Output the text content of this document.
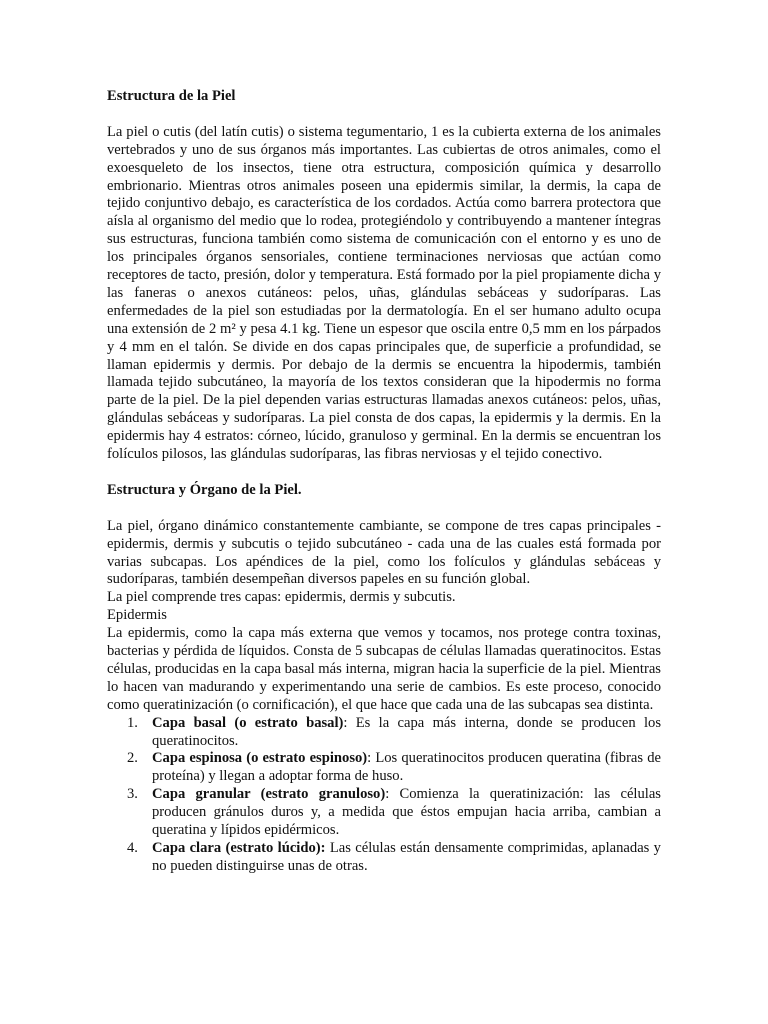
Estructura de la Piel

La piel o cutis (del latín cutis) o sistema tegumentario, 1 es la cubierta externa de los animales vertebrados y uno de sus órganos más importantes. Las cubiertas de otros animales, como el exoesqueleto de los insectos, tiene otra estructura, composición química y desarrollo embrionario. Mientras otros animales poseen una epidermis similar, la dermis, la capa de tejido conjuntivo debajo, es característica de los cordados. Actúa como barrera protectora que aísla al organismo del medio que lo rodea, protegiéndolo y contribuyendo a mantener íntegras sus estructuras, funciona también como sistema de comunicación con el entorno y es uno de los principales órganos sensoriales, contiene terminaciones nerviosas que actúan como receptores de tacto, presión, dolor y temperatura. Está formado por la piel propiamente dicha y las faneras o anexos cutáneos: pelos, uñas, glándulas sebáceas y sudoríparas. Las enfermedades de la piel son estudiadas por la dermatología. En el ser humano adulto ocupa una extensión de 2 m² y pesa 4.1 kg. Tiene un espesor que oscila entre 0,5 mm en los párpados y 4 mm en el talón. Se divide en dos capas principales que, de superficie a profundidad, se llaman epidermis y dermis. Por debajo de la dermis se encuentra la hipodermis, también llamada tejido subcutáneo, la mayoría de los textos consideran que la hipodermis no forma parte de la piel. De la piel dependen varias estructuras llamadas anexos cutáneos: pelos, uñas, glándulas sebáceas y sudoríparas. La piel consta de dos capas, la epidermis y la dermis. En la epidermis hay 4 estratos: córneo, lúcido, granuloso y germinal. En la dermis se encuentran los folículos pilosos, las glándulas sudoríparas, las fibras nerviosas y el tejido conectivo.

Estructura y Órgano de la Piel.

La piel, órgano dinámico constantemente cambiante, se compone de tres capas principales - epidermis, dermis y subcutis o tejido subcutáneo - cada una de las cuales está formada por varias subcapas. Los apéndices de la piel, como los folículos y glándulas sebáceas y sudoríparas, también desempeñan diversos papeles en su función global.

La piel comprende tres capas: epidermis, dermis y subcutis.

Epidermis

La epidermis, como la capa más externa que vemos y tocamos, nos protege contra toxinas, bacterias y pérdida de líquidos. Consta de 5 subcapas de células llamadas queratinocitos. Estas células, producidas en la capa basal más interna, migran hacia la superficie de la piel. Mientras lo hacen van madurando y experimentando una serie de cambios. Es este proceso, conocido como queratinización (o cornificación), el que hace que cada una de las subcapas sea distinta.

1. Capa basal (o estrato basal): Es la capa más interna, donde se producen los queratinocitos.
2. Capa espinosa (o estrato espinoso): Los queratinocitos producen queratina (fibras de proteína) y llegan a adoptar forma de huso.
3. Capa granular (estrato granuloso): Comienza la queratinización: las células producen gránulos duros y, a medida que éstos empujan hacia arriba, cambian a queratina y lípidos epidérmicos.
4. Capa clara (estrato lúcido): Las células están densamente comprimidas, aplanadas y no pueden distinguirse unas de otras.
